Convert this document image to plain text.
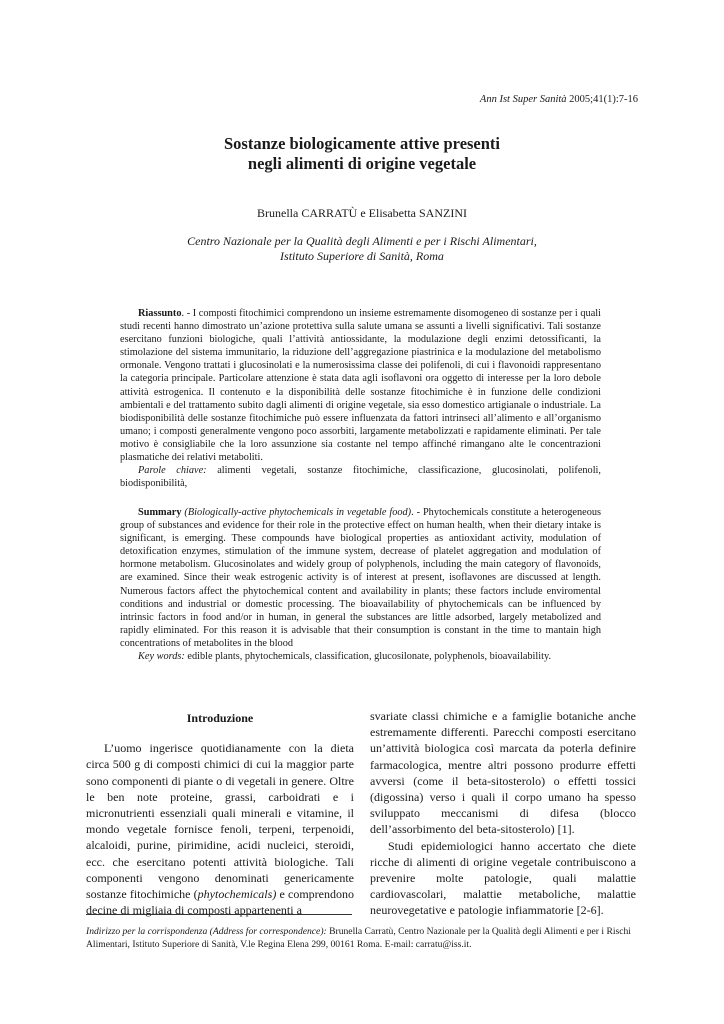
Ann Ist Super Sanità 2005;41(1):7-16
Sostanze biologicamente attive presenti
negli alimenti di origine vegetale
Brunella CARRATÙ e Elisabetta SANZINI
Centro Nazionale per la Qualità degli Alimenti e per i Rischi Alimentari,
Istituto Superiore di Sanità, Roma

Riassunto. - I composti fitochimici comprendono un insieme estremamente disomogeneo di sostanze per i quali studi recenti hanno dimostrato un’azione protettiva sulla salute umana se assunti a livelli significativi. Tali sostanze esercitano funzioni biologiche, quali l’attività antiossidante, la modulazione degli enzimi detossificanti, la stimolazione del sistema immunitario, la riduzione dell’aggregazione piastrinica e la modulazione del metabolismo ormonale. Vengono trattati i glucosinolati e la numerosissima classe dei polifenoli, di cui i flavonoidi rappresentano la categoria principale. Particolare attenzione è stata data agli isoflavoni ora oggetto di interesse per la loro debole attività estrogenica. Il contenuto e la disponibilità delle sostanze fitochimiche è in funzione delle condizioni ambientali e del trattamento subito dagli alimenti di origine vegetale, sia esso domestico artigianale o industriale. La biodisponibilità delle sostanze fitochimiche può essere influenzata da fattori intrinseci all’alimento e all’organismo umano; i composti generalmente vengono poco assorbiti, largamente metabolizzati e rapidamente eliminati. Per tale motivo è consigliabile che la loro assunzione sia costante nel tempo affinché rimangano alte le concentrazioni plasmatiche dei relativi metaboliti.

Parole chiave: alimenti vegetali, sostanze fitochimiche, classificazione, glucosinolati, polifenoli, biodisponibilità,

Summary (Biologically-active phytochemicals in vegetable food). - Phytochemicals constitute a heterogeneous group of substances and evidence for their role in the protective effect on human health, when their dietary intake is significant, is emerging. These compounds have biological properties as antioxidant activity, modulation of detoxification enzymes, stimulation of the immune system, decrease of platelet aggregation and modulation of hormone metabolism. Glucosinolates and widely group of polyphenols, including the main category of flavonoids, are examined. Since their weak estrogenic activity is of interest at present, isoflavones are discussed at length. Numerous factors affect the phytochemical content and availability in plants; these factors include enviromental conditions and industrial or domestic processing. The bioavailability of phytochemicals can be influenced by intrinsic factors in food and/or in human, in general the substances are little adsorbed, largely metabolized and rapidly eliminated. For this reason it is advisable that their consumption is constant in the time to mantain high concentrations of metabolites in the blood

Key words: edible plants, phytochemicals, classification, glucosilonate, polyphenols, bioavailability.

Introduzione

L’uomo ingerisce quotidianamente con la dieta circa 500 g di composti chimici di cui la maggior parte sono componenti di piante o di vegetali in genere. Oltre le ben note proteine, grassi, carboidrati e i micronutrienti essenziali quali minerali e vitamine, il mondo vegetale fornisce fenoli, terpeni, terpenoidi, alcaloidi, purine, pirimidine, acidi nucleici, steroidi, ecc. che esercitano potenti attività biologiche. Tali componenti vengono denominati genericamente sostanze fitochimiche (phytochemicals) e comprendono decine di migliaia di composti appartenenti a

svariate classi chimiche e a famiglie botaniche anche estremamente differenti. Parecchi composti esercitano un’attività biologica così marcata da poterla definire farmacologica, mentre altri possono produrre effetti avversi (come il beta-sitosterolo) o effetti tossici (digossina) verso i quali il corpo umano ha spesso sviluppato meccanismi di difesa (blocco dell’assorbimento del beta-sitosterolo) [1].

Studi epidemiologici hanno accertato che diete ricche di alimenti di origine vegetale contribuiscono a prevenire molte patologie, quali malattie cardiovascolari, malattie metaboliche, malattie neurovegetative e patologie infiammatorie [2-6].

Indirizzo per la corrispondenza (Address for correspondence): Brunella Carratù, Centro Nazionale per la Qualità degli Alimenti e per i Rischi Alimentari, Istituto Superiore di Sanità, V.le Regina Elena 299, 00161 Roma. E-mail: carratu@iss.it.
